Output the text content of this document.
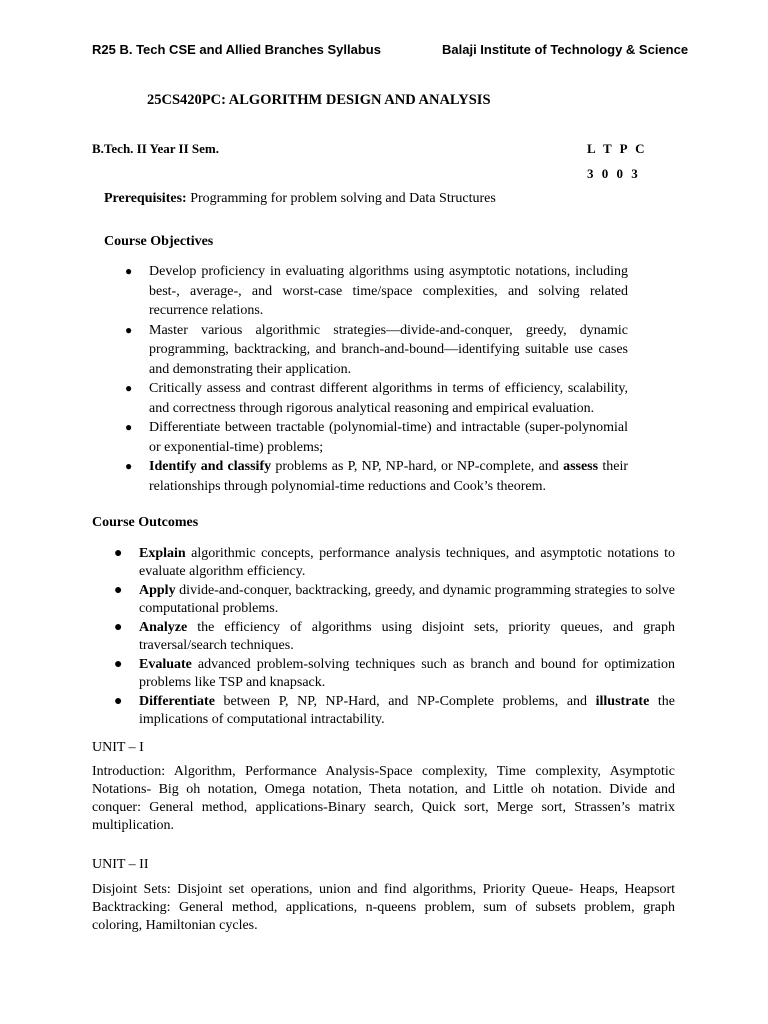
R25 B. Tech CSE and Allied Branches Syllabus	Balaji Institute of Technology & Science
25CS420PC: ALGORITHM DESIGN AND ANALYSIS
B.Tech. II Year II Sem.	L T P C
3 0 0 3
Prerequisites: Programming for problem solving and Data Structures
Course Objectives
● Develop proficiency in evaluating algorithms using asymptotic notations, including best-, average-, and worst-case time/space complexities, and solving related recurrence relations.
● Master various algorithmic strategies—divide-and-conquer, greedy, dynamic programming, backtracking, and branch-and-bound—identifying suitable use cases and demonstrating their application.
● Critically assess and contrast different algorithms in terms of efficiency, scalability, and correctness through rigorous analytical reasoning and empirical evaluation.
● Differentiate between tractable (polynomial-time) and intractable (super-polynomial or exponential-time) problems;
● Identify and classify problems as P, NP, NP-hard, or NP-complete, and assess their relationships through polynomial-time reductions and Cook’s theorem.
Course Outcomes
● Explain algorithmic concepts, performance analysis techniques, and asymptotic notations to evaluate algorithm efficiency.
● Apply divide-and-conquer, backtracking, greedy, and dynamic programming strategies to solve computational problems.
● Analyze the efficiency of algorithms using disjoint sets, priority queues, and graph traversal/search techniques.
● Evaluate advanced problem-solving techniques such as branch and bound for optimization problems like TSP and knapsack.
● Differentiate between P, NP, NP-Hard, and NP-Complete problems, and illustrate the implications of computational intractability.
UNIT – I
Introduction: Algorithm, Performance Analysis-Space complexity, Time complexity, Asymptotic Notations- Big oh notation, Omega notation, Theta notation, and Little oh notation. Divide and conquer: General method, applications-Binary search, Quick sort, Merge sort, Strassen’s matrix multiplication.
UNIT – II
Disjoint Sets: Disjoint set operations, union and find algorithms, Priority Queue- Heaps, Heapsort Backtracking: General method, applications, n-queens problem, sum of subsets problem, graph coloring, Hamiltonian cycles.
